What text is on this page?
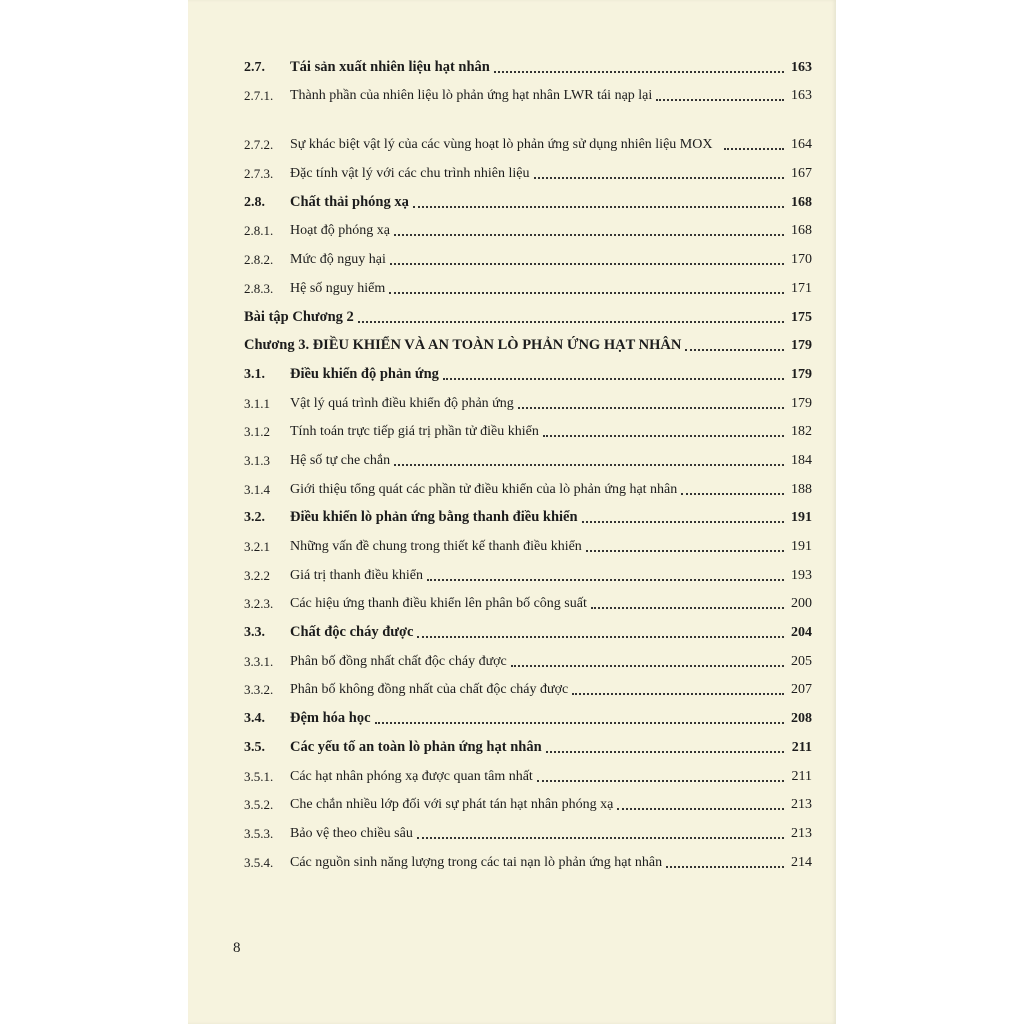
2.7.	Tái sản xuất nhiên liệu hạt nhân	163
2.7.1.	Thành phần của nhiên liệu lò phản ứng hạt nhân LWR tái nạp lại	163
2.7.2.	Sự khác biệt vật lý của các vùng hoạt lò phản ứng sử dụng nhiên liệu MOX	164
2.7.3.	Đặc tính vật lý với các chu trình nhiên liệu	167
2.8.	Chất thải phóng xạ	168
2.8.1.	Hoạt độ phóng xạ	168
2.8.2.	Mức độ nguy hại	170
2.8.3.	Hệ số nguy hiểm	171
Bài tập Chương 2	175
Chương 3. ĐIỀU KHIỂN VÀ AN TOÀN LÒ PHẢN ỨNG HẠT NHÂN	179
3.1.	Điều khiển độ phản ứng	179
3.1.1	Vật lý quá trình điều khiển độ phản ứng	179
3.1.2	Tính toán trực tiếp giá trị phần tử điều khiển	182
3.1.3	Hệ số tự che chắn	184
3.1.4	Giới thiệu tổng quát các phần tử điều khiển của lò phản ứng hạt nhân	188
3.2.	Điều khiển lò phản ứng bằng thanh điều khiển	191
3.2.1	Những vấn đề chung trong thiết kế thanh điều khiển	191
3.2.2	Giá trị thanh điều khiển	193
3.2.3.	Các hiệu ứng thanh điều khiển lên phân bố công suất	200
3.3.	Chất độc cháy được	204
3.3.1.	Phân bố đồng nhất chất độc cháy được	205
3.3.2.	Phân bố không đồng nhất của chất độc cháy được	207
3.4.	Đệm hóa học	208
3.5.	Các yếu tố an toàn lò phản ứng hạt nhân	211
3.5.1.	Các hạt nhân phóng xạ được quan tâm nhất	211
3.5.2.	Che chắn nhiều lớp đối với sự phát tán hạt nhân phóng xạ	213
3.5.3.	Bảo vệ theo chiều sâu	213
3.5.4.	Các nguồn sinh năng lượng trong các tai nạn lò phản ứng hạt nhân	214
8
